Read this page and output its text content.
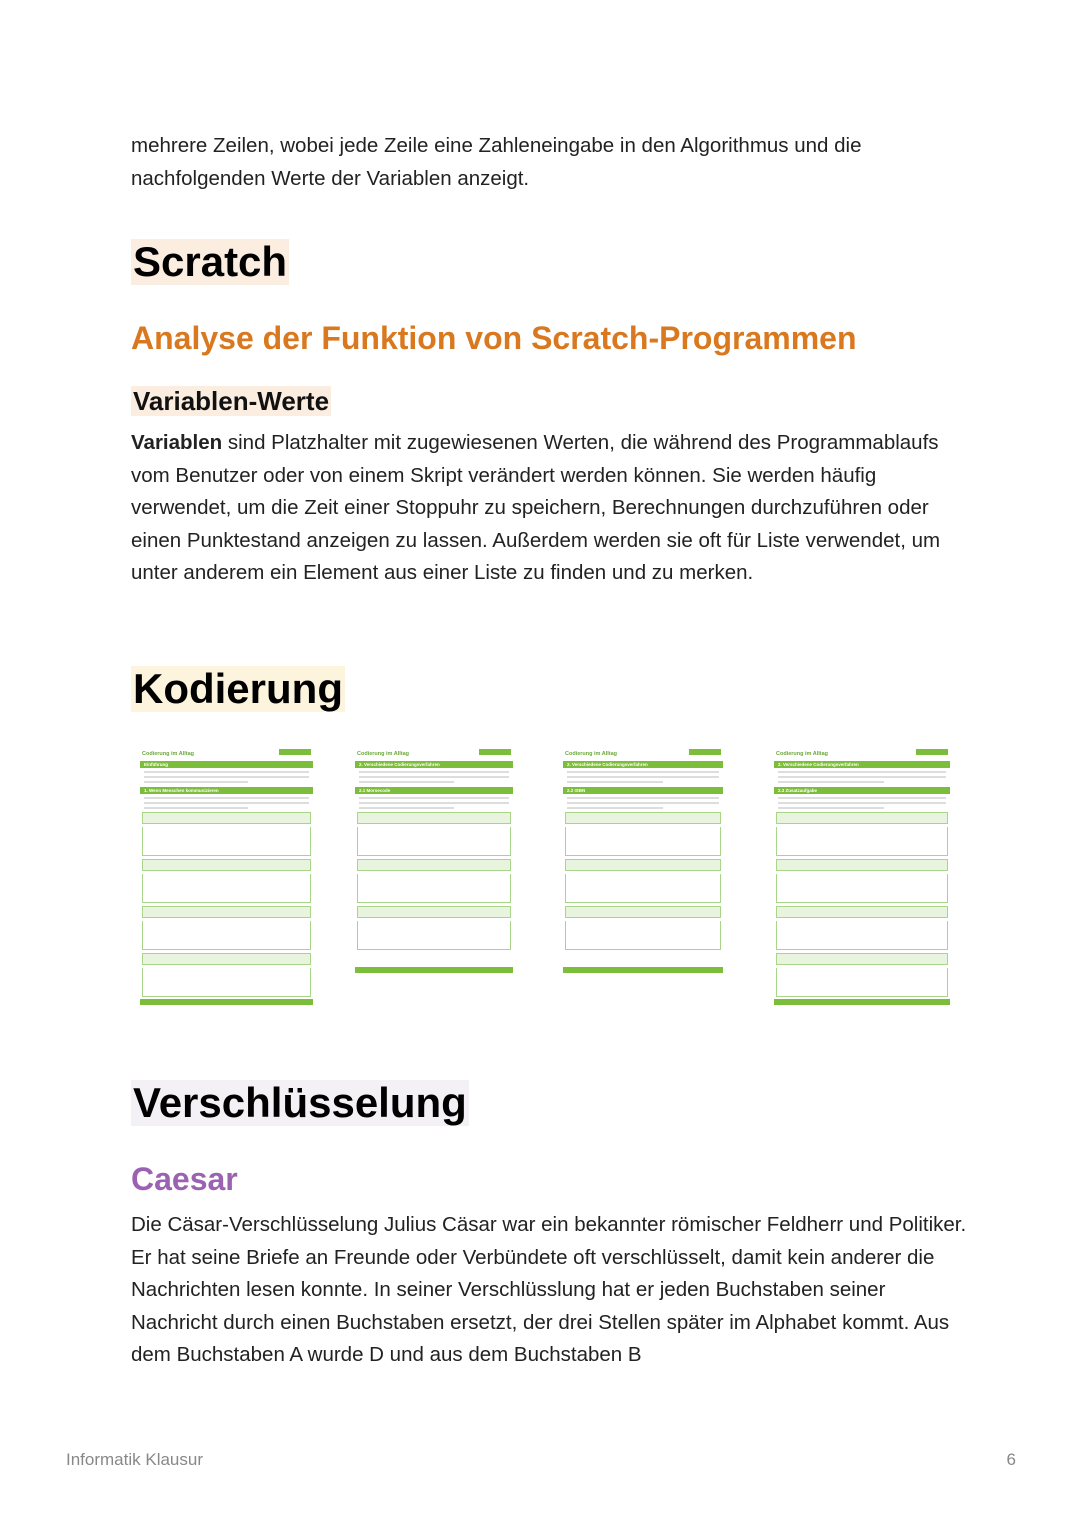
mehrere Zeilen, wobei jede Zeile eine Zahleneingabe in den Algorithmus und die nachfolgenden Werte der Variablen anzeigt.

Scratch
Analyse der Funktion von Scratch-Programmen
Variablen-Werte

Variablen sind Platzhalter mit zugewiesenen Werten, die während des Programmablaufs vom Benutzer oder von einem Skript verändert werden können. Sie werden häufig verwendet, um die Zeit einer Stoppuhr zu speichern, Berechnungen durchzuführen oder einen Punktestand anzeigen zu lassen. Außerdem werden sie oft für Liste verwendet, um unter anderem ein Element aus einer Liste zu finden und zu merken.

Kodierung
Codierung im Alltag
Einführung
1. Wenn Menschen kommunizieren
Codierung im Alltag
2. Verschiedene Codierungsverfahren
2.1 Morsecode
Codierung im Alltag
2. Verschiedene Codierungsverfahren
2.2 ISBN
Codierung im Alltag
2. Verschiedene Codierungsverfahren
2.3 Zusatzaufgabe
Verschlüsselung
Caesar

Die Cäsar-Verschlüsselung Julius Cäsar war ein bekannter römischer Feldherr und Politiker. Er hat seine Briefe an Freunde oder Verbündete oft verschlüsselt, damit kein anderer die Nachrichten lesen konnte. In seiner Verschlüsslung hat er jeden Buchstaben seiner Nachricht durch einen Buchstaben ersetzt, der drei Stellen später im Alphabet kommt. Aus dem Buchstaben A wurde D und aus dem Buchstaben B

Informatik Klausur	6
